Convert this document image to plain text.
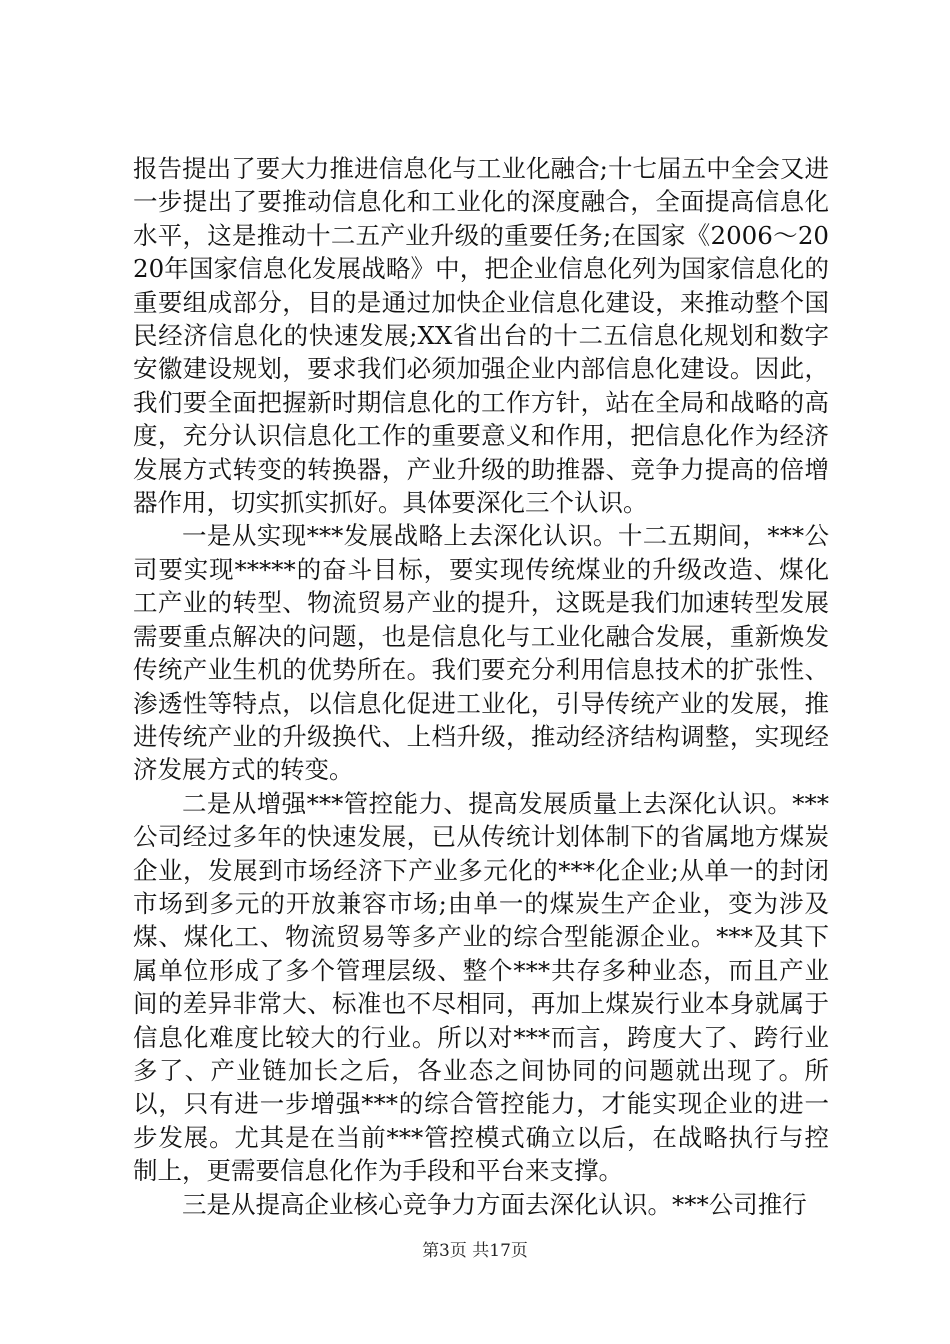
报告提出了要大力推进信息化与工业化融合;十七届五中全会又进一步提出了要推动信息化和工业化的深度融合，全面提高信息化水平，这是推动十二五产业升级的重要任务;在国家《2006～2020年国家信息化发展战略》中，把企业信息化列为国家信息化的重要组成部分，目的是通过加快企业信息化建设，来推动整个国民经济信息化的快速发展;XX省出台的十二五信息化规划和数字安徽建设规划，要求我们必须加强企业内部信息化建设。因此，我们要全面把握新时期信息化的工作方针，站在全局和战略的高度，充分认识信息化工作的重要意义和作用，把信息化作为经济发展方式转变的转换器，产业升级的助推器、竞争力提高的倍增器作用，切实抓实抓好。具体要深化三个认识。

一是从实现***发展战略上去深化认识。十二五期间，***公司要实现*****的奋斗目标，要实现传统煤业的升级改造、煤化工产业的转型、物流贸易产业的提升，这既是我们加速转型发展需要重点解决的问题，也是信息化与工业化融合发展，重新焕发传统产业生机的优势所在。我们要充分利用信息技术的扩张性、渗透性等特点，以信息化促进工业化，引导传统产业的发展，推进传统产业的升级换代、上档升级，推动经济结构调整，实现经济发展方式的转变。

二是从增强***管控能力、提高发展质量上去深化认识。***公司经过多年的快速发展，已从传统计划体制下的省属地方煤炭企业，发展到市场经济下产业多元化的***化企业;从单一的封闭市场到多元的开放兼容市场;由单一的煤炭生产企业，变为涉及煤、煤化工、物流贸易等多产业的综合型能源企业。***及其下属单位形成了多个管理层级、整个***共存多种业态，而且产业间的差异非常大、标准也不尽相同，再加上煤炭行业本身就属于信息化难度比较大的行业。所以对***而言，跨度大了、跨行业多了、产业链加长之后，各业态之间协同的问题就出现了。所以，只有进一步增强***的综合管控能力，才能实现企业的进一步发展。尤其是在当前***管控模式确立以后，在战略执行与控制上，更需要信息化作为手段和平台来支撑。

三是从提高企业核心竞争力方面去深化认识。***公司推行

第3页 共17页
